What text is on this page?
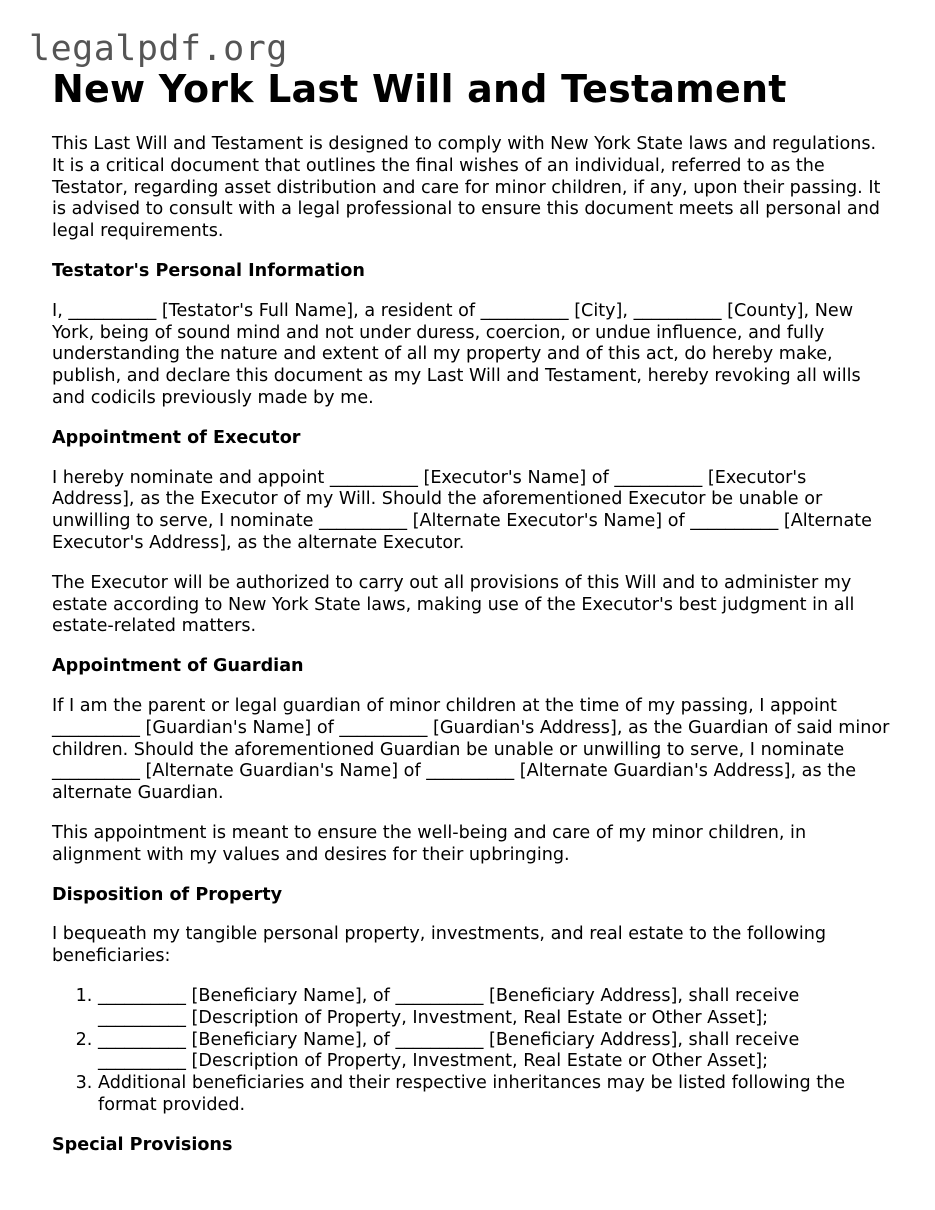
legalpdf.org
New York Last Will and Testament

This Last Will and Testament is designed to comply with New York State laws and regulations. It is a critical document that outlines the final wishes of an individual, referred to as the Testator, regarding asset distribution and care for minor children, if any, upon their passing. It is advised to consult with a legal professional to ensure this document meets all personal and legal requirements.

Testator's Personal Information

I, __________ [Testator's Full Name], a resident of __________ [City], __________ [County], New York, being of sound mind and not under duress, coercion, or undue influence, and fully understanding the nature and extent of all my property and of this act, do hereby make, publish, and declare this document as my Last Will and Testament, hereby revoking all wills and codicils previously made by me.

Appointment of Executor

I hereby nominate and appoint __________ [Executor's Name] of __________ [Executor's Address], as the Executor of my Will. Should the aforementioned Executor be unable or unwilling to serve, I nominate __________ [Alternate Executor's Name] of __________ [Alternate Executor's Address], as the alternate Executor.

The Executor will be authorized to carry out all provisions of this Will and to administer my estate according to New York State laws, making use of the Executor's best judgment in all estate-related matters.

Appointment of Guardian

If I am the parent or legal guardian of minor children at the time of my passing, I appoint __________ [Guardian's Name] of __________ [Guardian's Address], as the Guardian of said minor children. Should the aforementioned Guardian be unable or unwilling to serve, I nominate __________ [Alternate Guardian's Name] of __________ [Alternate Guardian's Address], as the alternate Guardian.

This appointment is meant to ensure the well-being and care of my minor children, in alignment with my values and desires for their upbringing.

Disposition of Property

I bequeath my tangible personal property, investments, and real estate to the following beneficiaries:

1. __________ [Beneficiary Name], of __________ [Beneficiary Address], shall receive __________ [Description of Property, Investment, Real Estate or Other Asset];
2. __________ [Beneficiary Name], of __________ [Beneficiary Address], shall receive __________ [Description of Property, Investment, Real Estate or Other Asset];
3. Additional beneficiaries and their respective inheritances may be listed following the format provided.
Special Provisions
